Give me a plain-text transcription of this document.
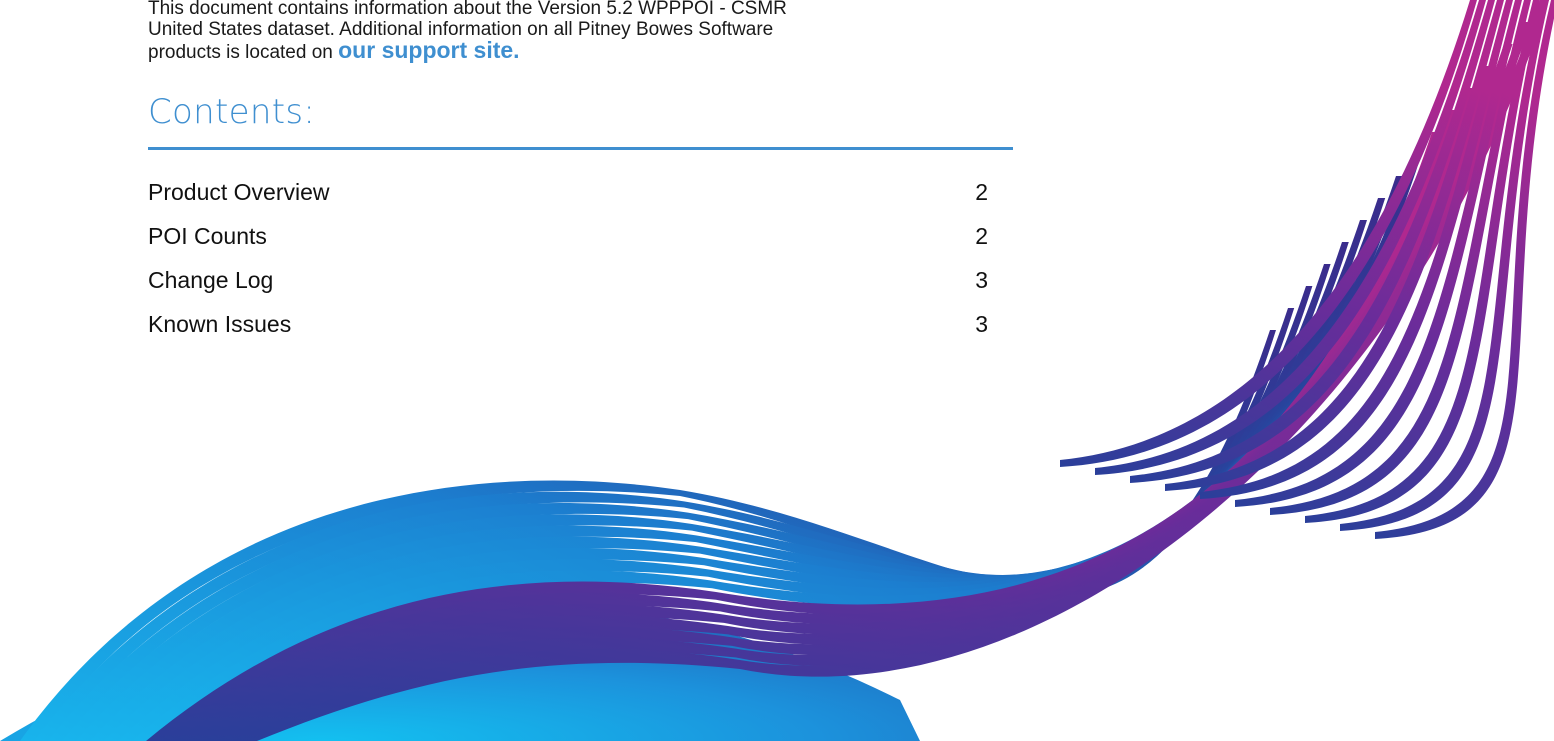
This document contains information about the Version 5.2 WPPPOI - CSMR
United States dataset. Additional information on all Pitney Bowes Software
products is located on our support site.

Contents:
Product Overview	2
POI Counts	2
Change Log	3
Known Issues	3
